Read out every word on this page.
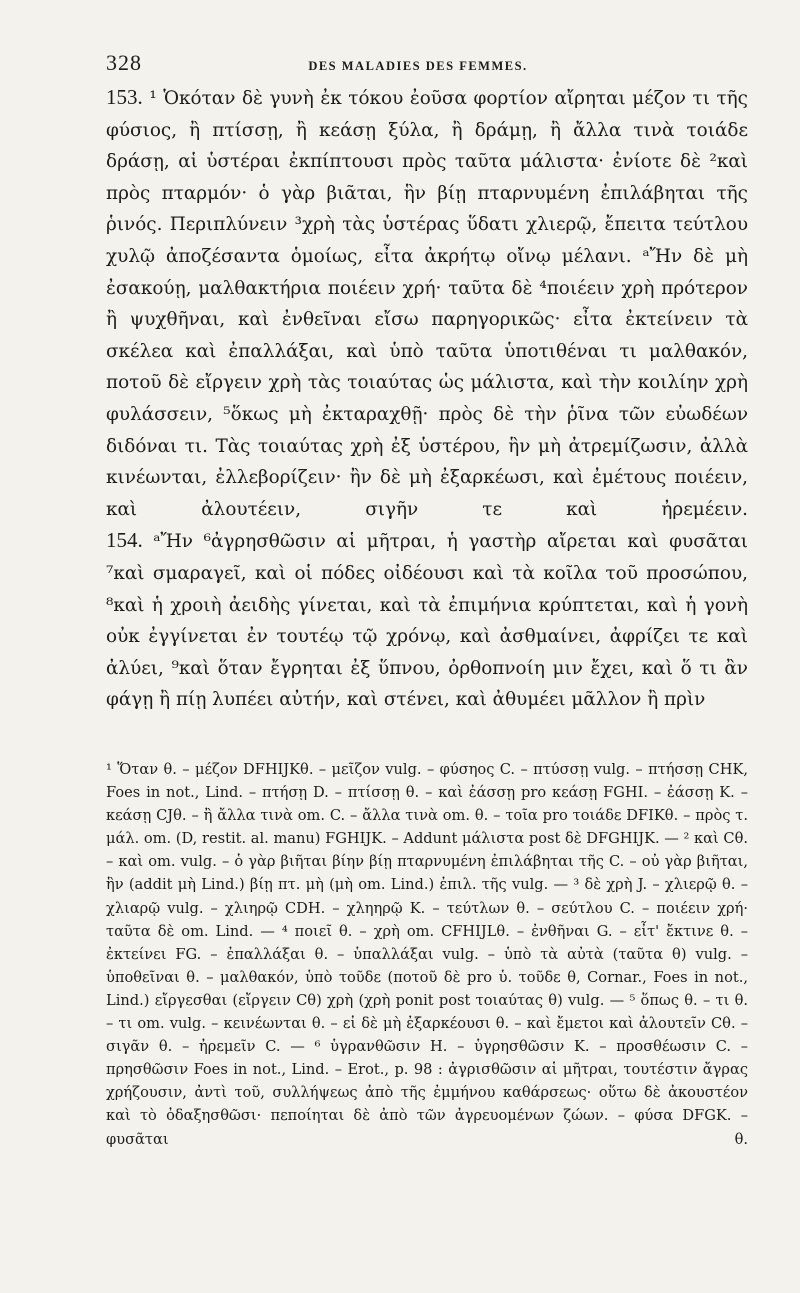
328	DES MALADIES DES FEMMES.

153. ¹ Ὁκόταν δὲ γυνὴ ἐκ τόκου ἐοῦσα φορτίον αἴρηται μέζον τι τῆς φύσιος, ἢ πτίσσῃ, ἢ κεάσῃ ξύλα, ἢ δράμῃ, ἢ ἄλλα τινὰ τοιάδε δράσῃ, αἱ ὑστέραι ἐκπίπτουσι πρὸς ταῦτα μάλιστα· ἐνίοτε δὲ ²καὶ πρὸς πταρμόν· ὁ γὰρ βιᾶται, ἣν βίῃ πταρνυμένη ἐπιλάβηται τῆς ῥινός. Περιπλύνειν ³χρὴ τὰς ὑστέρας ὕδατι χλιερῷ, ἔπειτα τεύτλου χυλῷ ἀποζέσαντα ὁμοίως, εἶτα ἀκρήτῳ οἴνῳ μέλανι. ᵃἬν δὲ μὴ ἐσακούῃ, μαλθακτήρια ποιέειν χρή· ταῦτα δὲ ⁴ποιέειν χρὴ πρότερον ἢ ψυχθῆναι, καὶ ἐνθεῖναι εἴσω παρηγορικῶς· εἶτα ἐκτείνειν τὰ σκέλεα καὶ ἐπαλλάξαι, καὶ ὑπὸ ταῦτα ὑποτιθέναι τι μαλθακόν, ποτοῦ δὲ εἴργειν χρὴ τὰς τοιαύτας ὡς μάλιστα, καὶ τὴν κοιλίην χρὴ φυλάσσειν, ⁵ὅκως μὴ ἐκταραχθῇ· πρὸς δὲ τὴν ῥῖνα τῶν εὐωδέων διδόναι τι. Τὰς τοιαύτας χρὴ ἐξ ὑστέρου, ἣν μὴ ἀτρεμίζωσιν, ἀλλὰ κινέωνται, ἐλλεβορίζειν· ἢν δὲ μὴ ἐξαρκέωσι, καὶ ἐμέτους ποιέειν, καὶ ἀλουτέειν, σιγῆν τε καὶ ἠρεμέειν.

154. ᵃἬν ⁶ἀγρησθῶσιν αἱ μῆτραι, ἡ γαστὴρ αἴρεται καὶ φυσᾶται ⁷καὶ σμαραγεῖ, καὶ οἱ πόδες οἰδέουσι καὶ τὰ κοῖλα τοῦ προσώπου, ⁸καὶ ἡ χροιὴ ἀειδὴς γίνεται, καὶ τὰ ἐπιμήνια κρύπτεται, καὶ ἡ γονὴ οὐκ ἐγγίνεται ἐν τουτέῳ τῷ χρόνῳ, καὶ ἀσθμαίνει, ἀφρίζει τε καὶ ἀλύει, ⁹καὶ ὅταν ἔγρηται ἐξ ὕπνου, ὀρθοπνοίη μιν ἔχει, καὶ ὅ τι ἂν φάγῃ ἢ πίῃ λυπέει αὐτήν, καὶ στένει, καὶ ἀθυμέει μᾶλλον ἢ πρὶν

¹ Ὅταν θ. – μέζον DFHIJKθ. – μεῖζον vulg. – φύσηος C. – πτύσσῃ vulg. – πτήσσῃ CHK, Foes in not., Lind. – πτήσῃ D. – πτίσσῃ θ. – καὶ ἐάσσῃ pro κεάσῃ FGHI. – ἐάσσῃ K. – κεάσῃ CJθ. – ἢ ἄλλα τινὰ om. C. – ἄλλα τινὰ om. θ. – τοῖα pro τοιάδε DFIKθ. – πρὸς τ. μάλ. om. (D, restit. al. manu) FGHIJK. – Addunt μάλιστα post δὲ DFGHIJK. — ² καὶ Cθ. – καὶ om. vulg. – ὁ γὰρ βιῆται βίην βίῃ πταρνυμένη ἐπιλάβηται τῆς C. – οὐ γὰρ βιῆται, ἣν (addit μὴ Lind.) βίῃ πτ. μὴ (μὴ om. Lind.) ἐπιλ. τῆς vulg. — ³ δὲ χρὴ J. – χλιερῷ θ. – χλιαρῷ vulg. – χλιηρῷ CDH. – χληηρῷ K. – τεύτλων θ. – σεύτλου C. – ποιέειν χρή· ταῦτα δὲ om. Lind. — ⁴ ποιεῖ θ. – χρὴ om. CFHIJLθ. – ἐνθῆναι G. – εἶτ' ἔκτινε θ. – ἐκτείνει FG. – ἐπαλλάξαι θ. – ὑπαλλάξαι vulg. – ὑπὸ τὰ αὐτὰ (ταῦτα θ) vulg. – ὑποθεῖναι θ. – μαλθακόν, ὑπὸ τοῦδε (ποτοῦ δὲ pro ὑ. τοῦδε θ, Cornar., Foes in not., Lind.) εἴργεσθαι (εἴργειν Cθ) χρὴ (χρὴ ponit post τοιαύτας θ) vulg. — ⁵ ὅπως θ. – τι θ. – τι om. vulg. – κεινέωνται θ. – εἰ δὲ μὴ ἐξαρκέουσι θ. – καὶ ἔμετοι καὶ ἀλουτεῖν Cθ. – σιγᾶν θ. – ἠρεμεῖν C. — ⁶ ὑγρανθῶσιν H. – ὑγρησθῶσιν K. – προσθέωσιν C. – πρησθῶσιν Foes in not., Lind. – Erot., p. 98 : ἀγρισθῶσιν αἱ μῆτραι, τουτέστιν ἄγρας χρήζουσιν, ἀντὶ τοῦ, συλλήψεως ἀπὸ τῆς ἐμμήνου καθάρσεως· οὕτω δὲ ἀκουστέον καὶ τὸ ὀδαξησθῶσι· πεποίηται δὲ ἀπὸ τῶν ἀγρευομένων ζώων. – φύσα DFGK. – φυσᾶται θ.
